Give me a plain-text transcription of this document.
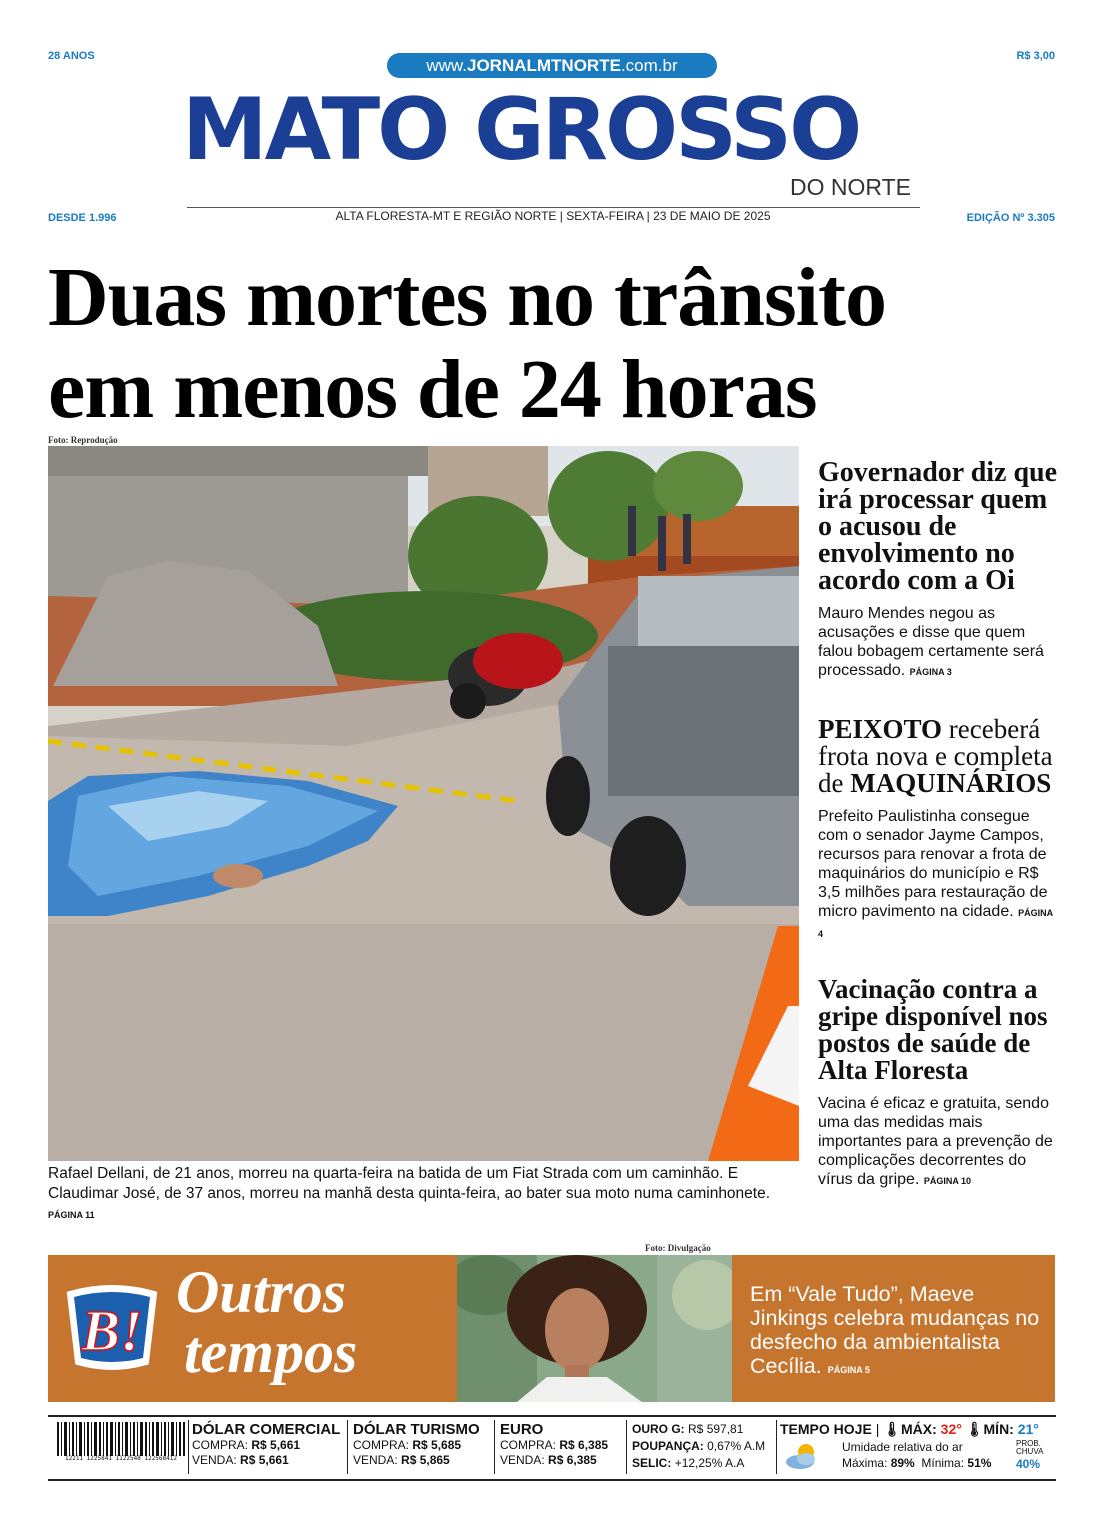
28 ANOS	www.JORNALMTNORTE.com.br	R$ 3,00
MATO GROSSO
DO NORTE
DESDE 1.996	ALTA FLORESTA-MT E REGIÃO NORTE | SEXTA-FEIRA | 23 DE MAIO DE 2025	EDIÇÃO Nº 3.305
Duas mortes no trânsito
em menos de 24 horas
Foto: Reprodução
Rafael Dellani, de 21 anos, morreu na quarta-feira na batida de um Fiat Strada com um caminhão. E Claudimar José, de 37 anos, morreu na manhã desta quinta-feira, ao bater sua moto numa caminhonete. PÁGINA 11
Governador diz que irá processar quem o acusou de envolvimento no acordo com a Oi
Mauro Mendes negou as acusações e disse que quem falou bobagem certamente será processado. PÁGINA 3
PEIXOTO receberá frota nova e completa de MAQUINÁRIOS
Prefeito Paulistinha consegue com o senador Jayme Campos, recursos para renovar a frota de maquinários do município e R$ 3,5 milhões para restauração de micro pavimento na cidade. PÁGINA 4
Vacinação contra a gripe disponível nos postos de saúde de Alta Floresta
Vacina é eficaz e gratuita, sendo uma das medidas mais importantes para a prevenção de complicações decorrentes do vírus da gripe. PÁGINA 10
Foto: Divulgação
B!
Outros
tempos
Em “Vale Tudo”, Maeve Jinkings celebra mudanças no desfecho da ambientalista Cecília. PÁGINA 5
12211 1225841 1122548 122568412
DÓLAR COMERCIAL
COMPRA: R$ 5,661
VENDA: R$ 5,661
DÓLAR TURISMO
COMPRA: R$ 5,685
VENDA: R$ 5,865
EURO
COMPRA: R$ 6,385
VENDA: R$ 6,385
OURO G: R$ 597,81
POUPANÇA: 0,67% A.M
SELIC: +12,25% A.A
TEMPO HOJE | 🌡MÁX: 32° 🌡MÍN: 21°
Umidade relativa do ar
Máxima: 89% Mínima: 51%
PROB.
CHUVA
40%
